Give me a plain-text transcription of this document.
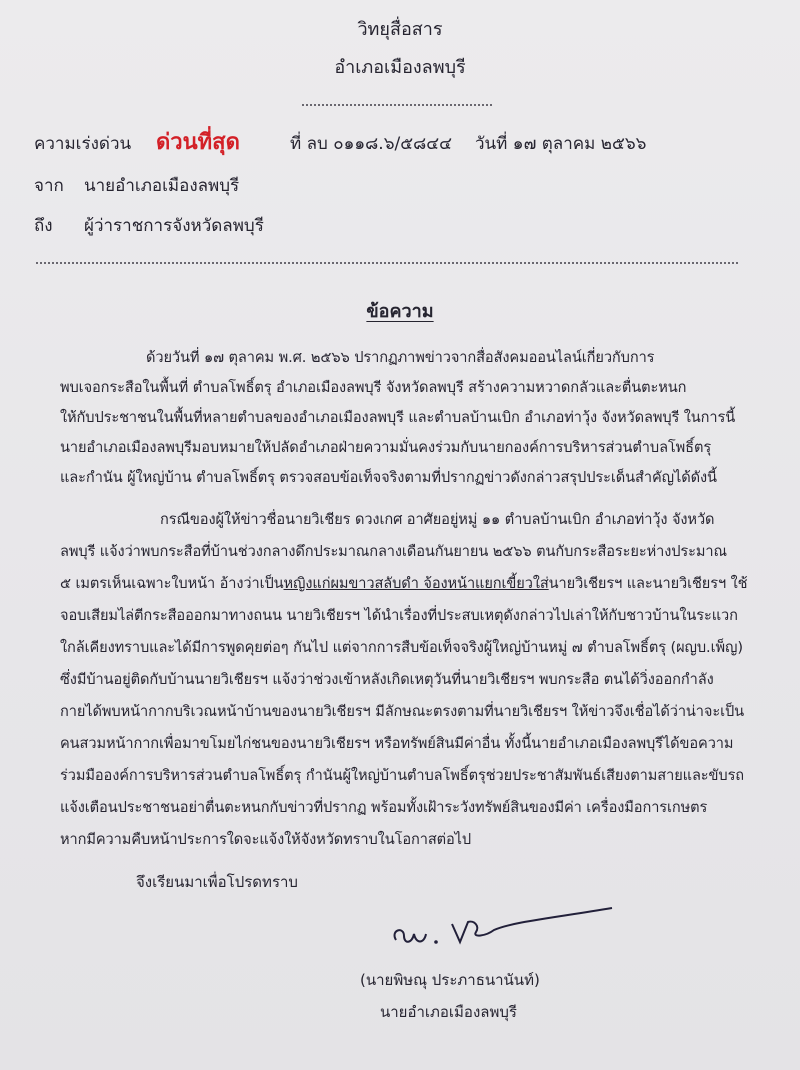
วิทยุสื่อสาร
อำเภอเมืองลพบุรี
ความเร่งด่วน ด่วนที่สุด	ที่ ลบ ๐๑๑๘.๖/๕๘๔๔ วันที่ ๑๗ ตุลาคม ๒๕๖๖
จาก นายอำเภอเมืองลพบุรี
ถึง ผู้ว่าราชการจังหวัดลพบุรี
ข้อความ
ด้วยวันที่ ๑๗ ตุลาคม พ.ศ. ๒๕๖๖ ปรากฏภาพข่าวจากสื่อสังคมออนไลน์เกี่ยวกับการ
พบเจอกระสือในพื้นที่ ตำบลโพธิ์ตรุ อำเภอเมืองลพบุรี จังหวัดลพบุรี สร้างความหวาดกลัวและตื่นตะหนก
ให้กับประชาชนในพื้นที่หลายตำบลของอำเภอเมืองลพบุรี และตำบลบ้านเบิก อำเภอท่าวุ้ง จังหวัดลพบุรี ในการนี้
นายอำเภอเมืองลพบุรีมอบหมายให้ปลัดอำเภอฝ่ายความมั่นคงร่วมกับนายกองค์การบริหารส่วนตำบลโพธิ์ตรุ
และกำนัน ผู้ใหญ่บ้าน ตำบลโพธิ์ตรุ ตรวจสอบข้อเท็จจริงตามที่ปรากฏข่าวดังกล่าวสรุปประเด็นสำคัญได้ดังนี้
กรณีของผู้ให้ข่าวชื่อนายวิเชียร ดวงเกศ อาศัยอยู่หมู่ ๑๑ ตำบลบ้านเบิก อำเภอท่าวุ้ง จังหวัด
ลพบุรี แจ้งว่าพบกระสือที่บ้านช่วงกลางดึกประมาณกลางเดือนกันยายน ๒๕๖๖ ตนกับกระสือระยะห่างประมาณ
๕ เมตรเห็นเฉพาะใบหน้า อ้างว่าเป็นหญิงแก่ผมขาวสลับดำ จ้องหน้าแยกเขี้ยวใส่นายวิเชียรฯ และนายวิเชียรฯ ใช้
จอบเสียมไล่ตีกระสือออกมาทางถนน นายวิเชียรฯ ได้นำเรื่องที่ประสบเหตุดังกล่าวไปเล่าให้กับชาวบ้านในระแวก
ใกล้เคียงทราบและได้มีการพูดคุยต่อๆ กันไป แต่จากการสืบข้อเท็จจริงผู้ใหญ่บ้านหมู่ ๗ ตำบลโพธิ์ตรุ (ผญบ.เพ็ญ)
ซึ่งมีบ้านอยู่ติดกับบ้านนายวิเชียรฯ แจ้งว่าช่วงเข้าหลังเกิดเหตุวันที่นายวิเชียรฯ พบกระสือ ตนได้วิ่งออกกำลัง
กายได้พบหน้ากากบริเวณหน้าบ้านของนายวิเชียรฯ มีลักษณะตรงตามที่นายวิเชียรฯ ให้ข่าวจึงเชื่อได้ว่าน่าจะเป็น
คนสวมหน้ากากเพื่อมาขโมยไก่ชนของนายวิเชียรฯ หรือทรัพย์สินมีค่าอื่น ทั้งนี้นายอำเภอเมืองลพบุรีได้ขอความ
ร่วมมือองค์การบริหารส่วนตำบลโพธิ์ตรุ กำนันผู้ใหญ่บ้านตำบลโพธิ์ตรุช่วยประชาสัมพันธ์เสียงตามสายและขับรถ
แจ้งเตือนประชาชนอย่าตื่นตะหนกกับข่าวที่ปรากฏ พร้อมทั้งเฝ้าระวังทรัพย์สินของมีค่า เครื่องมือการเกษตร
หากมีความคืบหน้าประการใดจะแจ้งให้จังหวัดทราบในโอกาสต่อไป
จึงเรียนมาเพื่อโปรดทราบ
(นายพิษณุ ประภาธนานันท์)
นายอำเภอเมืองลพบุรี
